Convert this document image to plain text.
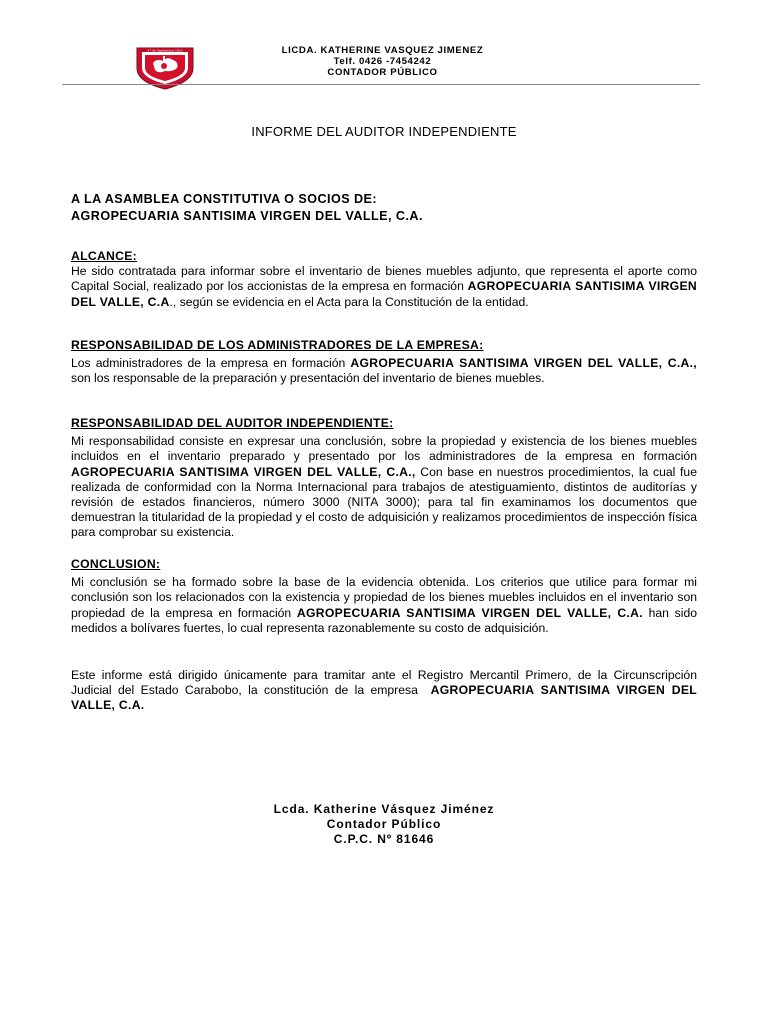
27 de Septiembre 1915	LICDA. KATHERINE VASQUEZ JIMENEZ
Telf. 0426 -7454242
CONTADOR PÚBLICO
INFORME DEL AUDITOR INDEPENDIENTE
A LA ASAMBLEA CONSTITUTIVA O SOCIOS DE:
AGROPECUARIA SANTISIMA VIRGEN DEL VALLE, C.A.
ALCANCE:

He sido contratada para informar sobre el inventario de bienes muebles adjunto, que representa el aporte como Capital Social, realizado por los accionistas de la empresa en formación AGROPECUARIA SANTISIMA VIRGEN DEL VALLE, C.A., según se evidencia en el Acta para la Constitución de la entidad.

RESPONSABILIDAD DE LOS ADMINISTRADORES DE LA EMPRESA:

Los administradores de la empresa en formación AGROPECUARIA SANTISIMA VIRGEN DEL VALLE, C.A., son los responsable de la preparación y presentación del inventario de bienes muebles.

RESPONSABILIDAD DEL AUDITOR INDEPENDIENTE:

Mi responsabilidad consiste en expresar una conclusión, sobre la propiedad y existencia de los bienes muebles incluidos en el inventario preparado y presentado por los administradores de la empresa en formación AGROPECUARIA SANTISIMA VIRGEN DEL VALLE, C.A., Con base en nuestros procedimientos, la cual fue realizada de conformidad con la Norma Internacional para trabajos de atestiguamiento, distintos de auditorías y revisión de estados financieros, número 3000 (NITA 3000); para tal fin examinamos los documentos que demuestran la titularidad de la propiedad y el costo de adquisición y realizamos procedimientos de inspección física para comprobar su existencia.

CONCLUSION:

Mi conclusión se ha formado sobre la base de la evidencia obtenida. Los criterios que utilice para formar mi conclusión son los relacionados con la existencia y propiedad de los bienes muebles incluidos en el inventario son propiedad de la empresa en formación AGROPECUARIA SANTISIMA VIRGEN DEL VALLE, C.A. han sido medidos a bolívares fuertes, lo cual representa razonablemente su costo de adquisición.

Este informe está dirigido únicamente para tramitar ante el Registro Mercantil Primero, de la Circunscripción Judicial del Estado Carabobo, la constitución de la empresa AGROPECUARIA SANTISIMA VIRGEN DEL VALLE, C.A.

Lcda. Katherine Vásquez Jiménez
Contador Público
C.P.C. Nº 81646
